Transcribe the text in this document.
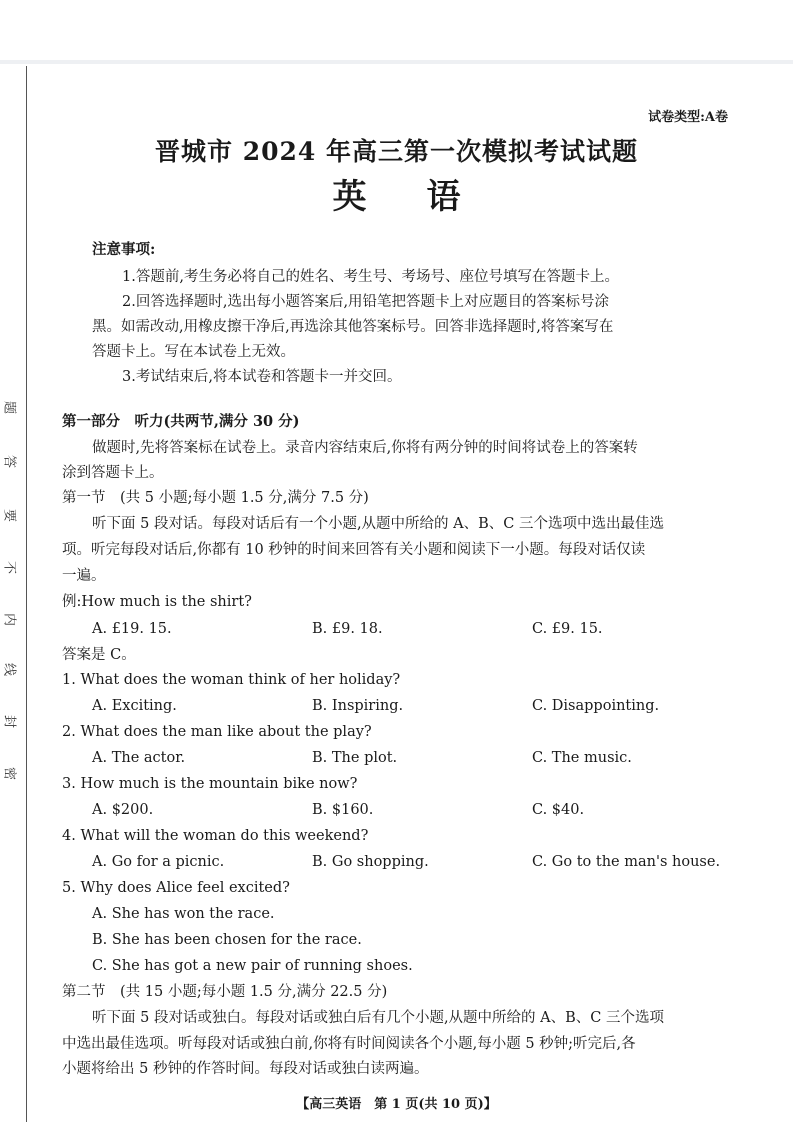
题
答
要
不
内
线
封
密
试卷类型:A卷
晋城市 2024 年高三第一次模拟考试试题
英语
注意事项:
1.答题前,考生务必将自己的姓名、考生号、考场号、座位号填写在答题卡上。
2.回答选择题时,选出每小题答案后,用铅笔把答题卡上对应题目的答案标号涂
黑。如需改动,用橡皮擦干净后,再选涂其他答案标号。回答非选择题时,将答案写在
答题卡上。写在本试卷上无效。
3.考试结束后,将本试卷和答题卡一并交回。
第一部分　听力(共两节,满分 30 分)
做题时,先将答案标在试卷上。录音内容结束后,你将有两分钟的时间将试卷上的答案转
涂到答题卡上。
第一节　(共 5 小题;每小题 1.5 分,满分 7.5 分)
听下面 5 段对话。每段对话后有一个小题,从题中所给的 A、B、C 三个选项中选出最佳选
项。听完每段对话后,你都有 10 秒钟的时间来回答有关小题和阅读下一小题。每段对话仅读
一遍。
例:How much is the shirt?
A. £19. 15.	B. £9. 18.	C. £9. 15.
答案是 C。
1. What does the woman think of her holiday?
A. Exciting.	B. Inspiring.	C. Disappointing.
2. What does the man like about the play?
A. The actor.	B. The plot.	C. The music.
3. How much is the mountain bike now?
A. $200.	B. $160.	C. $40.
4. What will the woman do this weekend?
A. Go for a picnic.	B. Go shopping.	C. Go to the man's house.
5. Why does Alice feel excited?
A. She has won the race.
B. She has been chosen for the race.
C. She has got a new pair of running shoes.
第二节　(共 15 小题;每小题 1.5 分,满分 22.5 分)
听下面 5 段对话或独白。每段对话或独白后有几个小题,从题中所给的 A、B、C 三个选项
中选出最佳选项。听每段对话或独白前,你将有时间阅读各个小题,每小题 5 秒钟;听完后,各
小题将给出 5 秒钟的作答时间。每段对话或独白读两遍。
【高三英语　第 1 页(共 10 页)】
